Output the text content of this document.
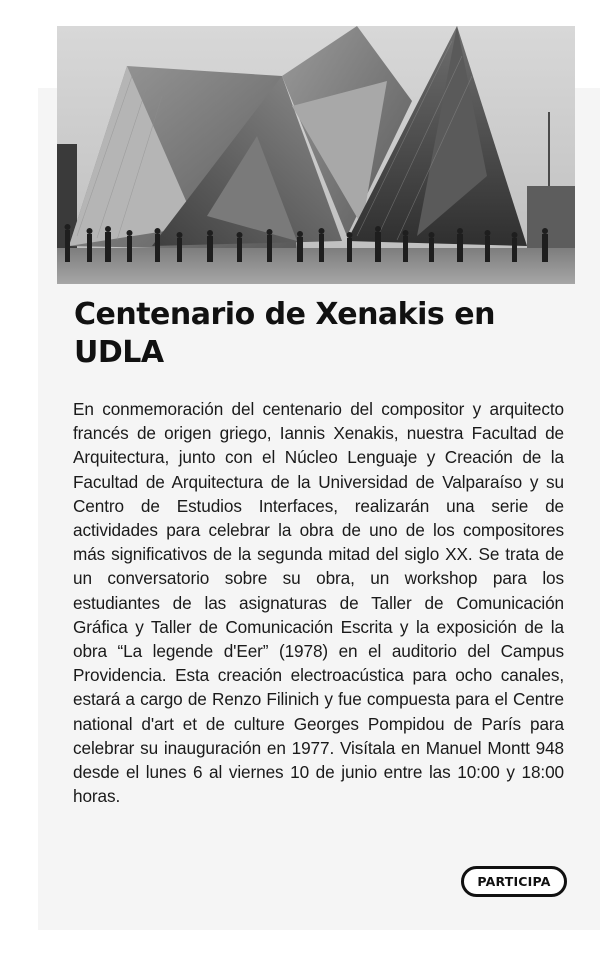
Centenario de Xenakis en UDLA

En conmemoración del centenario del compositor y arquitecto francés de origen griego, Iannis Xenakis, nuestra Facultad de Arquitectura, junto con el Núcleo Lenguaje y Creación de la Facultad de Arquitectura de la Universidad de Valparaíso y su Centro de Estudios Interfaces, realizarán una serie de actividades para celebrar la obra de uno de los compositores más significativos de la segunda mitad del siglo XX. Se trata de un conversatorio sobre su obra, un workshop para los estudiantes de las asignaturas de Taller de Comunicación Gráfica y Taller de Comunicación Escrita y la exposición de la obra “La legende d'Eer” (1978) en el auditorio del Campus Providencia. Esta creación electroacústica para ocho canales, estará a cargo de Renzo Filinich y fue compuesta para el Centre national d'art et de culture Georges Pompidou de París para celebrar su inauguración en 1977. Visítala en Manuel Montt 948 desde el lunes 6 al viernes 10 de junio entre las 10:00 y 18:00 horas.

PARTICIPA
